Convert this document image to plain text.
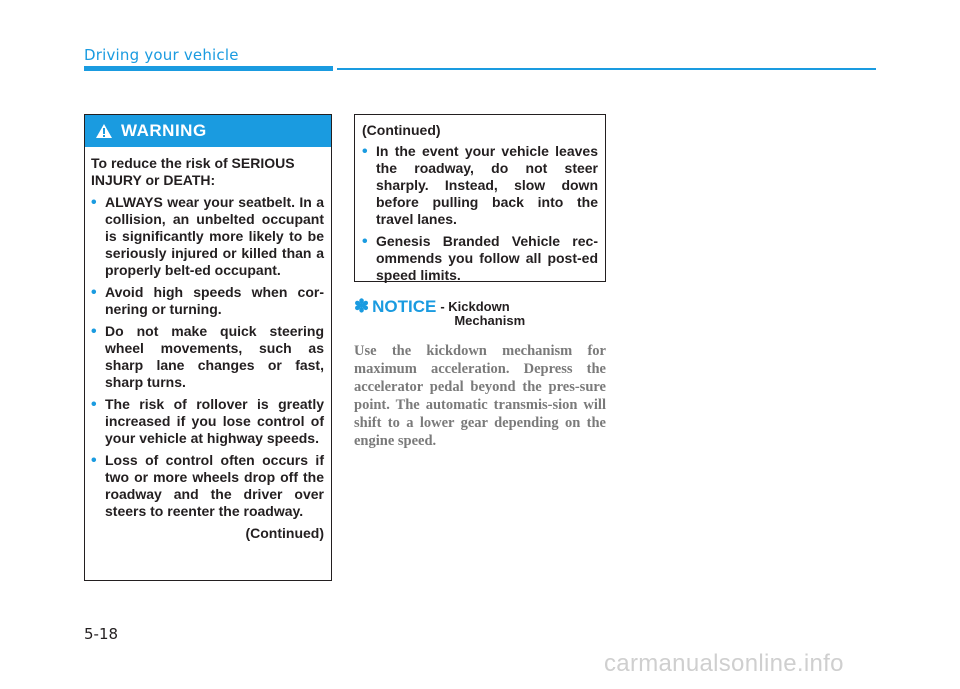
Driving your vehicle
WARNING

To reduce the risk of SERIOUS INJURY or DEATH:

• ALWAYS wear your seatbelt. In a collision, an unbelted occupant is significantly more likely to be seriously injured or killed than a properly belt-ed occupant.
• Avoid high speeds when cor-nering or turning.
• Do not make quick steering wheel movements, such as sharp lane changes or fast, sharp turns.
• The risk of rollover is greatly increased if you lose control of your vehicle at highway speeds.
• Loss of control often occurs if two or more wheels drop off the roadway and the driver over steers to reenter the roadway.
(Continued)

(Continued)

• In the event your vehicle leaves the roadway, do not steer sharply. Instead, slow down before pulling back into the travel lanes.
• Genesis Branded Vehicle rec-ommends you follow all post-ed speed limits.
✽ NOTICE - Kickdown
Mechanism

Use the kickdown mechanism for maximum acceleration. Depress the accelerator pedal beyond the pres-sure point. The automatic transmis-sion will shift to a lower gear depending on the engine speed.

5-18
carmanualsonline.info
